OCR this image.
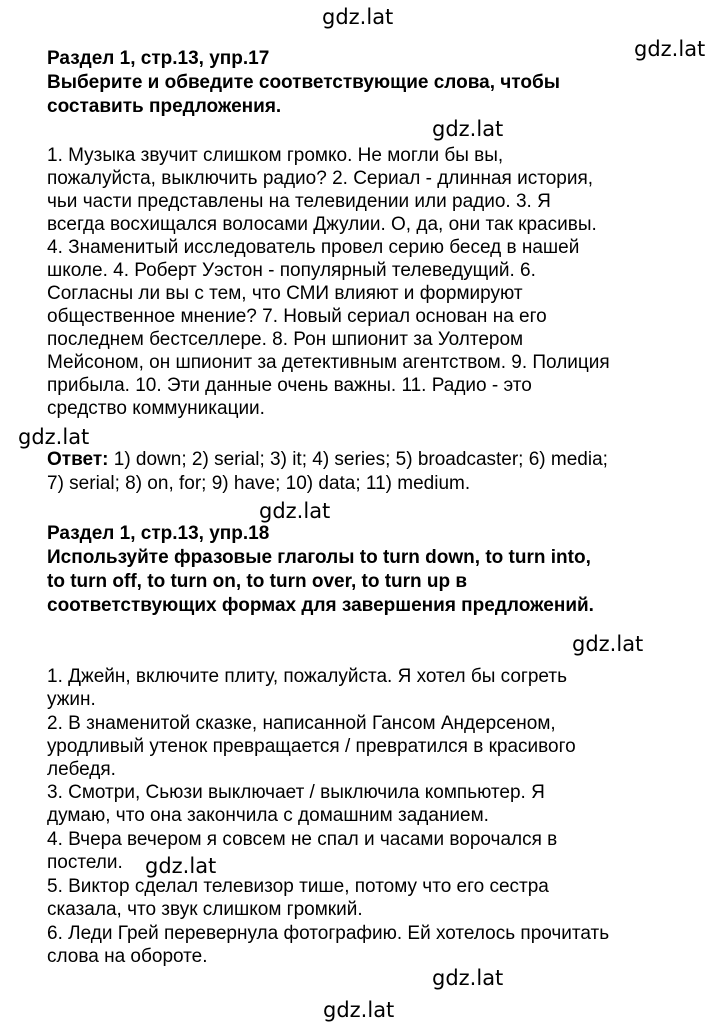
gdz.lat
gdz.lat
gdz.lat
gdz.lat
gdz.lat
gdz.lat
gdz.lat
gdz.lat
gdz.lat
Раздел 1, стр.13, упр.17
Выберите и обведите соответствующие слова, чтобы
составить предложения.
1. Музыка звучит слишком громко. Не могли бы вы,
пожалуйста, выключить радио? 2. Сериал - длинная история,
чьи части представлены на телевидении или радио. 3. Я
всегда восхищался волосами Джулии. О, да, они так красивы.
4. Знаменитый исследователь провел серию бесед в нашей
школе. 4. Роберт Уэстон - популярный телеведущий. 6.
Согласны ли вы с тем, что СМИ влияют и формируют
общественное мнение? 7. Новый сериал основан на его
последнем бестселлере. 8. Рон шпионит за Уолтером
Мейсоном, он шпионит за детективным агентством. 9. Полиция
прибыла. 10. Эти данные очень важны. 11. Радио - это
средство коммуникации.
Ответ: 1) down; 2) serial; 3) it; 4) series; 5) broadcaster; 6) media;
7) serial; 8) on, for; 9) have; 10) data; 11) medium.
Раздел 1, стр.13, упр.18
Используйте фразовые глаголы to turn down, to turn into,
to turn off, to turn on, to turn over, to turn up в
соответствующих формах для завершения предложений.
1. Джейн, включите плиту, пожалуйста. Я хотел бы согреть
ужин.
2. В знаменитой сказке, написанной Гансом Андерсеном,
уродливый утенок превращается / превратился в красивого
лебедя.
3. Смотри, Сьюзи выключает / выключила компьютер. Я
думаю, что она закончила с домашним заданием.
4. Вчера вечером я совсем не спал и часами ворочался в
постели.
5. Виктор сделал телевизор тише, потому что его сестра
сказала, что звук слишком громкий.
6. Леди Грей перевернула фотографию. Ей хотелось прочитать
слова на обороте.
